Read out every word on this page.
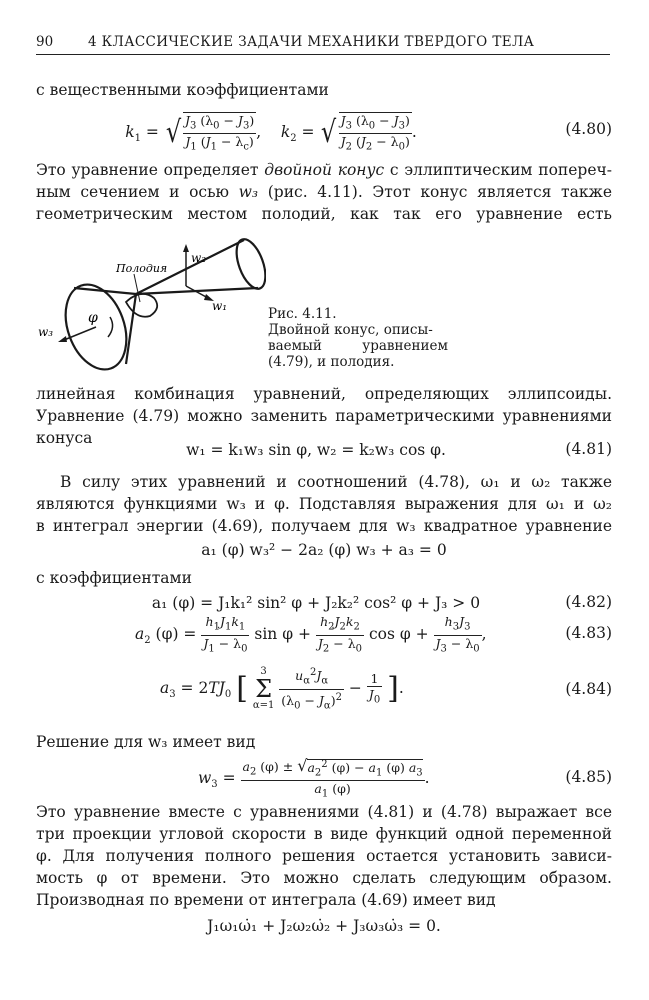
90	4 КЛАССИЧЕСКИЕ ЗАДАЧИ МЕХАНИКИ ТВЕРДОГО ТЕЛА
с вещественными коэффициентами
$k_1$ = √ $\frac{J_3 (\lambda_0 - J_3)}{J_1 (J_1 - \lambda_c)}$ ,    $k_2$ = √ $\frac{J_3 (\lambda_0 - J_3)}{J_2 (J_2 - \lambda_0)}$ .	(4.80)
Это уравнение определяет двойной конус с эллиптическим попереч-
ным сечением и осью w₃ (рис. 4.11). Этот конус является также
геометрическим местом полодий, как так его уравнение есть
Полодия
w₂
w₁
w₃
φ	Рис. 4.11.
Двойной конус, описы-
ваемый уравнением
(4.79), и полодия.
линейная комбинация уравнений, определяющих эллипсоиды.
Уравнение (4.79) можно заменить параметрическими уравнениями
конуса
w₁ = k₁w₃ sin φ, w₂ = k₂w₃ cos φ.	(4.81)
В силу этих уравнений и соотношений (4.78), ω₁ и ω₂ также
являются функциями w₃ и φ. Подставляя выражения для ω₁ и ω₂
в интеграл энергии (4.69), получаем для w₃ квадратное уравнение
a₁ (φ) w₃² − 2a₂ (φ) w₃ + a₃ = 0
с коэффициентами
a₁ (φ) = J₁k₁² sin² φ + J₂k₂² cos² φ + J₃ > 0	(4.82)
$a_2$ $(\varphi) = \frac{h_1J_1k_1}{J_1 - \lambda_0}$ $\sin \varphi + \frac{h_2J_2k_2}{J_2 - \lambda_0}$ $\cos \varphi + \frac{h_3J_3}{J_3 - \lambda_0}$ ,	(4.83)
$a_3 = 2TJ_0$ [	3
Σ
α=1
$\frac{u_\alpha^2J_\alpha}{(\lambda_0 - J_\alpha)^2} - \frac{1}{J_0}$ ].	(4.84)
Решение для w₃ имеет вид
$w_3 = \frac{a_2 (\varphi) \pm √a_2^2 (\varphi) - a_1 (\varphi) a_3}{a_1 (\varphi)}$ .	(4.85)
Это уравнение вместе с уравнениями (4.81) и (4.78) выражает все
три проекции угловой скорости в виде функций одной переменной
φ. Для получения полного решения остается установить зависи-
мость φ от времени. Это можно сделать следующим образом.
Производная по времени от интеграла (4.69) имеет вид
J₁ω₁ω̇₁ + J₂ω₂ω̇₂ + J₃ω₃ω̇₃ = 0.
